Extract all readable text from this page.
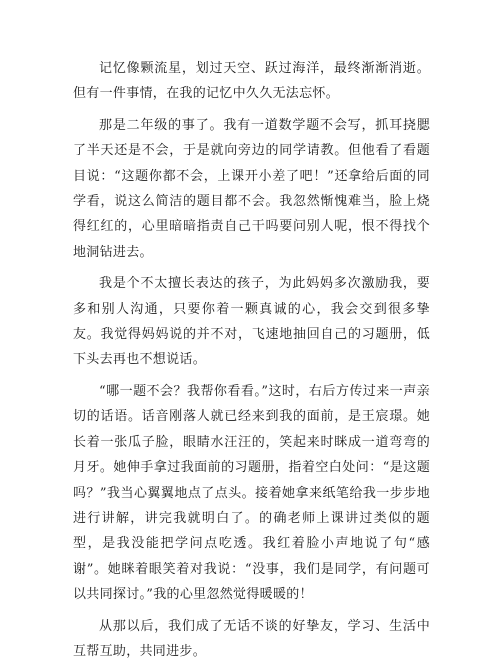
记忆像颗流星，划过天空、跃过海洋，最终渐渐消逝。但有一件事情，在我的记忆中久久无法忘怀。

那是二年级的事了。我有一道数学题不会写，抓耳挠腮了半天还是不会，于是就向旁边的同学请教。但他看了看题目说：“这题你都不会，上课开小差了吧！”还拿给后面的同学看，说这么简洁的题目都不会。我忽然惭愧难当，脸上烧得红红的，心里暗暗指责自己干吗要问别人呢，恨不得找个地洞钻进去。

我是个不太擅长表达的孩子，为此妈妈多次激励我，要多和别人沟通，只要你着一颗真诚的心，我会交到很多挚友。我觉得妈妈说的并不对，飞速地抽回自己的习题册，低下头去再也不想说话。

“哪一题不会？我帮你看看。”这时，右后方传过来一声亲切的话语。话音刚落人就已经来到我的面前，是王宸璟。她长着一张瓜子脸，眼睛水汪汪的，笑起来时眯成一道弯弯的月牙。她伸手拿过我面前的习题册，指着空白处问：“是这题吗？”我当心翼翼地点了点头。接着她拿来纸笔给我一步步地进行讲解，讲完我就明白了。的确老师上课讲过类似的题型，是我没能把学问点吃透。我红着脸小声地说了句“感谢”。她眯着眼笑着对我说：“没事，我们是同学，有问题可以共同探讨。”我的心里忽然觉得暖暖的！

从那以后，我们成了无话不谈的好挚友，学习、生活中互帮互助，共同进步。
